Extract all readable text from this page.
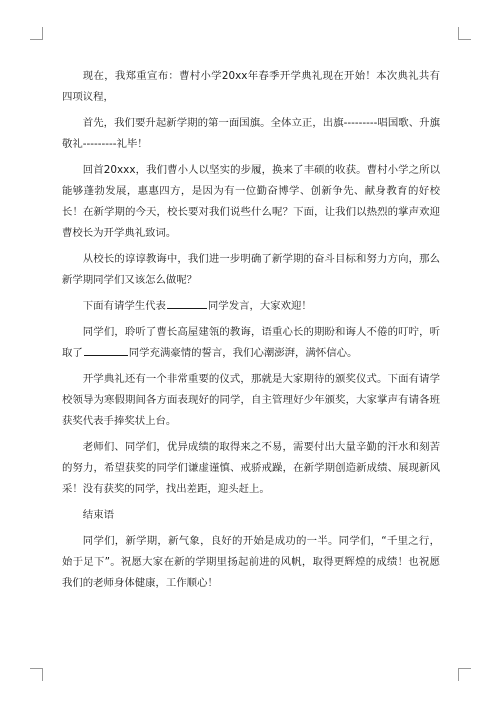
现在，我郑重宣布：曹村小学20xx年春季开学典礼现在开始！本次典礼共有四项议程，

首先，我们要升起新学期的第一面国旗。全体立正，出旗---------唱国歌、升旗敬礼---------礼毕！

回首20xxx，我们曹小人以坚实的步履，换来了丰硕的收获。曹村小学之所以能够蓬勃发展，惠惠四方，是因为有一位勤奋博学、创新争先、献身教育的好校长！在新学期的今天，校长要对我们说些什么呢？下面，让我们以热烈的掌声欢迎曹校长为开学典礼致词。

从校长的谆谆教诲中，我们进一步明确了新学期的奋斗目标和努力方向，那么新学期同学们又该怎么做呢？

下面有请学生代表	同学发言，大家欢迎！

同学们，聆听了曹长高屋建瓴的教诲，语重心长的期盼和诲人不倦的叮咛，听取了	同学充满豪情的誓言，我们心潮澎湃，满怀信心。

开学典礼还有一个非常重要的仪式，那就是大家期待的颁奖仪式。下面有请学校领导为寒假期间各方面表现好的同学，自主管理好少年颁奖，大家掌声有请各班获奖代表手捧奖状上台。

老师们、同学们，优异成绩的取得来之不易，需要付出大量辛勤的汗水和刻苦的努力，希望获奖的同学们谦虚谨慎、戒骄戒躁，在新学期创造新成绩、展现新风采！没有获奖的同学，找出差距，迎头赶上。

结束语

同学们，新学期，新气象，良好的开始是成功的一半。同学们，“千里之行，始于足下”。祝愿大家在新的学期里扬起前进的风帆，取得更辉煌的成绩！也祝愿我们的老师身体健康，工作顺心！
